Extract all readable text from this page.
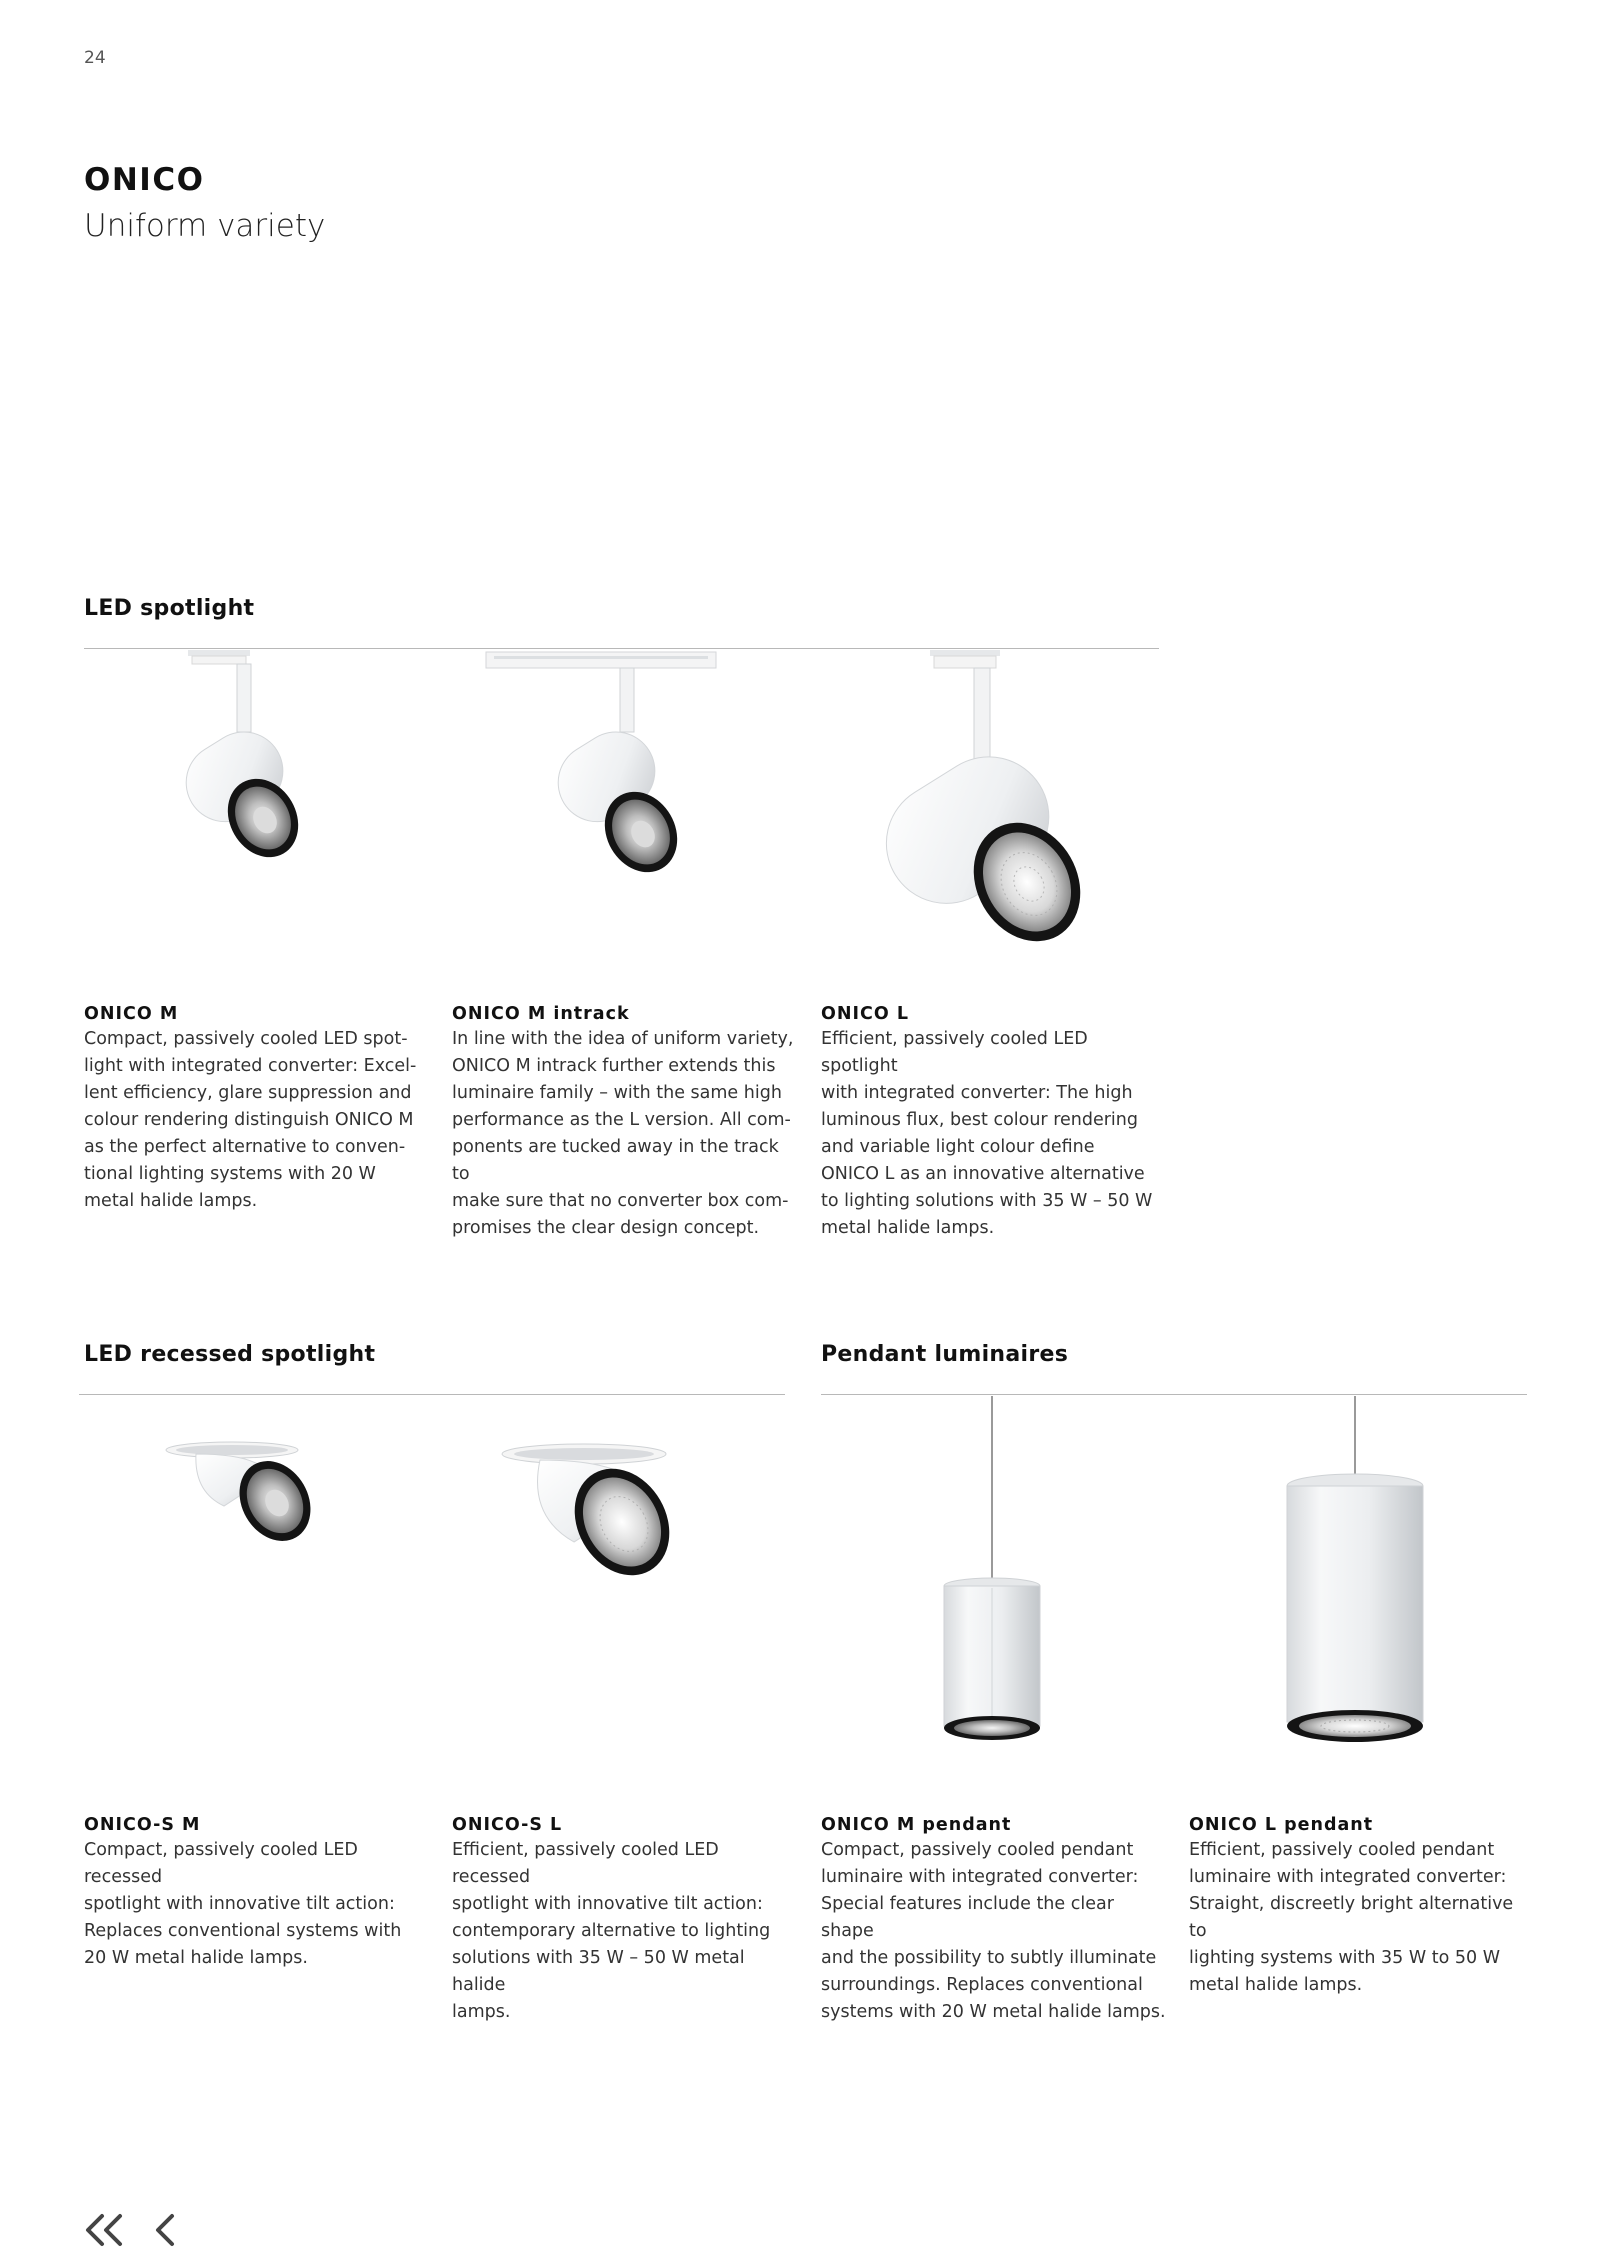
24
ONICO
Uniform variety
LED spotlight
ONICO M
Compact, passively cooled LED spot-
light with integrated converter: Excel-
lent efficiency, glare suppression and
colour rendering distinguish ONICO M
as the perfect alternative to conven-
tional lighting systems with 20 W
metal halide lamps.
ONICO M intrack
In line with the idea of uniform variety,
ONICO M intrack further extends this
luminaire family – with the same high
performance as the L version. All com-
ponents are tucked away in the track to
make sure that no converter box com-
promises the clear design concept.
ONICO L
Efficient, passively cooled LED spotlight
with integrated converter: The high
luminous flux, best colour rendering
and variable light colour define
ONICO L as an innovative alternative
to lighting solutions with 35 W – 50 W
metal halide lamps.
LED recessed spotlight	Pendant luminaires
ONICO-S M
Compact, passively cooled LED recessed
spotlight with innovative tilt action:
Replaces conventional systems with
20 W metal halide lamps.
ONICO-S L
Efficient, passively cooled LED recessed
spotlight with innovative tilt action:
contemporary alternative to lighting
solutions with 35 W – 50 W metal halide
lamps.
ONICO M pendant
Compact, passively cooled pendant
luminaire with integrated converter:
Special features include the clear shape
and the possibility to subtly illuminate
surroundings. Replaces conventional
systems with 20 W metal halide lamps.
ONICO L pendant
Efficient, passively cooled pendant
luminaire with integrated converter:
Straight, discreetly bright alternative to
lighting systems with 35 W to 50 W
metal halide lamps.
